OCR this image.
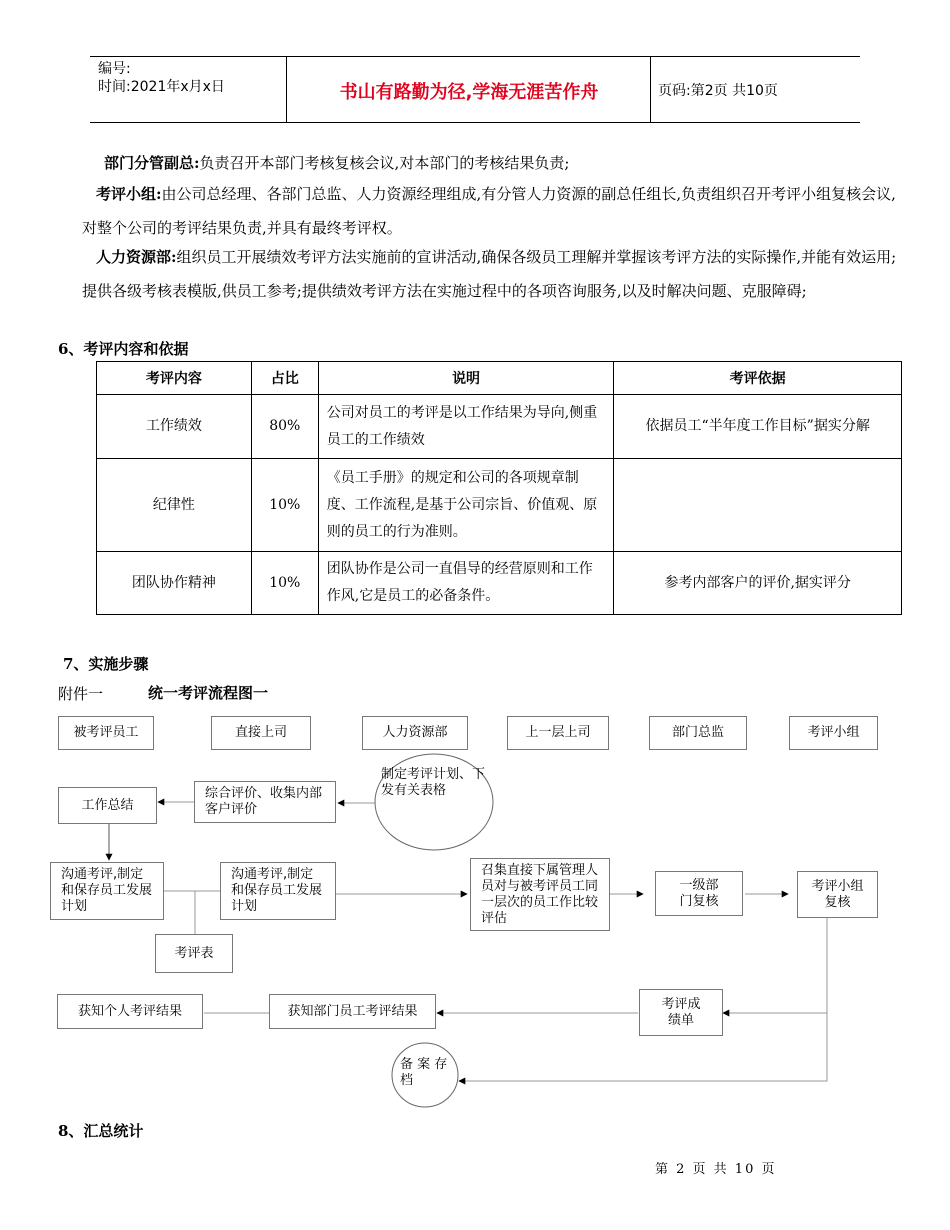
编号:
时间:2021年x月x日	书山有路勤为径,学海无涯苦作舟	页码:第2页 共10页
部门分管副总:负责召开本部门考核复核会议,对本部门的考核结果负责;
考评小组:由公司总经理、各部门总监、人力资源经理组成,有分管人力资源的副总任组长,负责组织召开考评小组复核会议,对整个公司的考评结果负责,并具有最终考评权。
人力资源部:组织员工开展绩效考评方法实施前的宣讲活动,确保各级员工理解并掌握该考评方法的实际操作,并能有效运用;提供各级考核表模版,供员工参考;提供绩效考评方法在实施过程中的各项咨询服务,以及时解决问题、克服障碍;
6、考评内容和依据
考评内容	占比	说明	考评依据
工作绩效	80%	公司对员工的考评是以工作结果为导向,侧重员工的工作绩效	依据员工“半年度工作目标”据实分解
纪律性	10%	《员工手册》的规定和公司的各项规章制度、工作流程,是基于公司宗旨、价值观、原则的员工的行为准则。	
团队协作精神	10%	团队协作是公司一直倡导的经营原则和工作作风,它是员工的必备条件。	参考内部客户的评价,据实评分
7、实施步骤
附件一	统一考评流程图一
被考评员工	直接上司	人力资源部	上一层上司	部门总监	考评小组
制定考评计划、下发有关表格
综合评价、收集内部客户评价
工作总结
沟通考评,制定和保存员工发展计划
沟通考评,制定和保存员工发展计划
考评表
召集直接下属管理人员对与被考评员工同一层次的员工作比较评估
一级部门复核
考评小组复核
考评成绩单
获知部门员工考评结果
获知个人考评结果
备 案 存档
8、汇总统计
第 2 页 共 10 页
